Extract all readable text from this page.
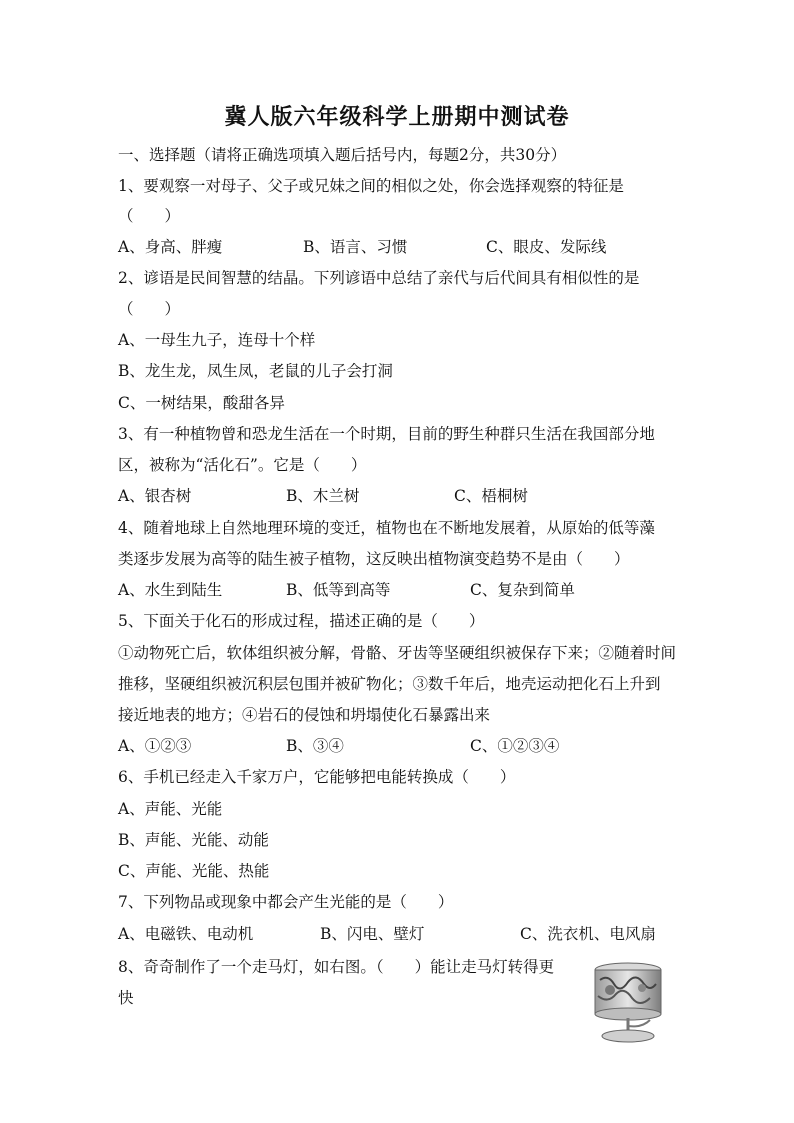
冀人版六年级科学上册期中测试卷
一、选择题（请将正确选项填入题后括号内，每题2分，共30分）
1、要观察一对母子、父子或兄妹之间的相似之处，你会选择观察的特征是
（　　）
A、身高、胖瘦	B、语言、习惯	C、眼皮、发际线
2、谚语是民间智慧的结晶。下列谚语中总结了亲代与后代间具有相似性的是
（　　）
A、一母生九子，连母十个样
B、龙生龙，凤生凤，老鼠的儿子会打洞
C、一树结果，酸甜各异
3、有一种植物曾和恐龙生活在一个时期，目前的野生种群只生活在我国部分地
区，被称为“活化石”。它是（　　）
A、银杏树	B、木兰树	C、梧桐树
4、随着地球上自然地理环境的变迁，植物也在不断地发展着，从原始的低等藻
类逐步发展为高等的陆生被子植物，这反映出植物演变趋势不是由（　　）
A、水生到陆生	B、低等到高等	C、复杂到简单
5、下面关于化石的形成过程，描述正确的是（　　）
①动物死亡后，软体组织被分解，骨骼、牙齿等坚硬组织被保存下来；②随着时间
推移，坚硬组织被沉积层包围并被矿物化；③数千年后，地壳运动把化石上升到
接近地表的地方；④岩石的侵蚀和坍塌使化石暴露出来
A、①②③	B、③④	C、①②③④
6、手机已经走入千家万户，它能够把电能转换成（　　）
A、声能、光能
B、声能、光能、动能
C、声能、光能、热能
7、下列物品或现象中都会产生光能的是（　　）
A、电磁铁、电动机	B、闪电、壁灯	C、洗衣机、电风扇
8、奇奇制作了一个走马灯，如右图。（　　）能让走马灯转得更
快
